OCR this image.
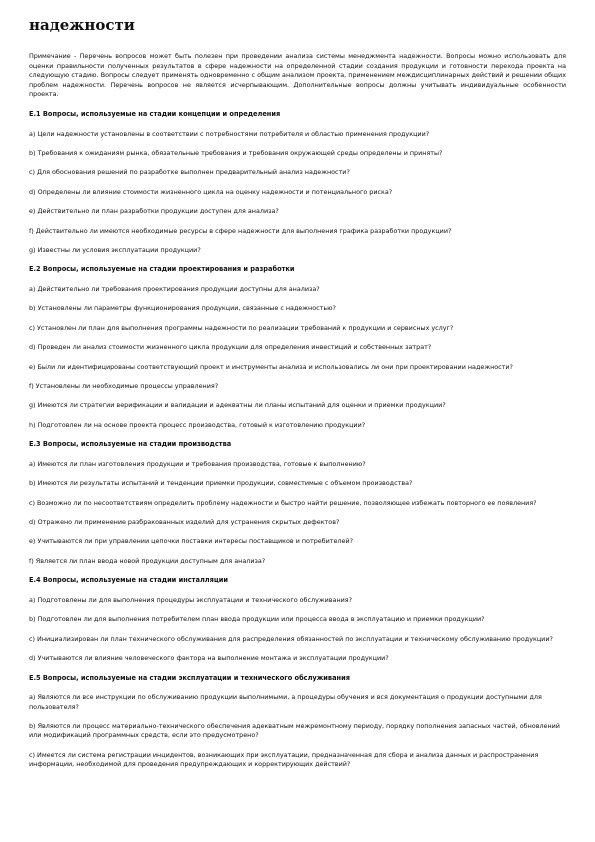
надежности

Примечание - Перечень вопросов может быть полезен при проведении анализа системы менеджмента надежности. Вопросы можно использовать для оценки правильности полученных результатов в сфере надежности на определенной стадии создания продукции и готовности перехода проекта на следующую стадию. Вопросы следует применять одновременно с общим анализом проекта, применением междисциплинарных действий и решении общих проблем надежности. Перечень вопросов не является исчерпывающим. Дополнительные вопросы должны учитывать индивидуальные особенности проекта.

Е.1 Вопросы, используемые на стадии концепции и определения
a) Цели надежности установлены в соответствии с потребностями потребителя и областью применения продукции?
b) Требования к ожиданиям рынка, обязательные требования и требования окружающей среды определены и приняты?
c) Для обоснования решений по разработке выполнен предварительный анализ надежности?
d) Определены ли влияние стоимости жизненного цикла на оценку надежности и потенциального риска?
e) Действительно ли план разработки продукции доступен для анализа?
f) Действительно ли имеются необходимые ресурсы в сфере надежности для выполнения графика разработки продукции?
g) Известны ли условия эксплуатации продукции?
Е.2 Вопросы, используемые на стадии проектирования и разработки
a) Действительно ли требования проектирования продукции доступны для анализа?
b) Установлены ли параметры функционирования продукции, связанные с надежностью?
c) Установлен ли план для выполнения программы надежности по реализации требований к продукции и сервисных услуг?
d) Проведен ли анализ стоимости жизненного цикла продукции для определения инвестиций и собственных затрат?
e) Были ли идентифицированы соответствующий проект и инструменты анализа и использовались ли они при проектировании надежности?
f) Установлены ли необходимые процессы управления?
g) Имеются ли стратегии верификации и валидации и адекватны ли планы испытаний для оценки и приемки продукции?
h) Подготовлен ли на основе проекта процесс производства, готовый к изготовлению продукции?
Е.3 Вопросы, используемые на стадии производства
a) Имеются ли план изготовления продукции и требования производства, готовые к выполнению?
b) Имеются ли результаты испытаний и тенденции приемки продукции, совместимые с объемом производства?
c) Возможно ли по несоответствиям определить проблему надежности и быстро найти решение, позволяющее избежать повторного ее появления?
d) Отражено ли применение разбракованных изделий для устранения скрытых дефектов?
e) Учитываются ли при управлении цепочки поставки интересы поставщиков и потребителей?
f) Является ли план ввода новой продукции доступным для анализа?
Е.4 Вопросы, используемые на стадии инсталляции
a) Подготовлены ли для выполнения процедуры эксплуатации и технического обслуживания?
b) Подготовлен ли для выполнения потребителем план ввода продукции или процесса ввода в эксплуатацию и приемки продукции?
c) Инициализирован ли план технического обслуживания для распределения обязанностей по эксплуатации и техническому обслуживанию продукции?
d) Учитываются ли влияние человеческого фактора на выполнение монтажа и эксплуатации продукции?
Е.5 Вопросы, используемые на стадии эксплуатации и технического обслуживания
a) Являются ли все инструкции по обслуживанию продукции выполнимыми, а процедуры обучения и вся документация о продукции доступными для пользователя?
b) Являются ли процесс материально-технического обеспечения адекватным межремонтному периоду, порядку пополнения запасных частей, обновлений или модификаций программных средств, если это предусмотрено?
c) Имеется ли система регистрации инцидентов, возникающих при эксплуатации, предназначенная для сбора и анализа данных и распространения информации, необходимой для проведения предупреждающих и корректирующих действий?
